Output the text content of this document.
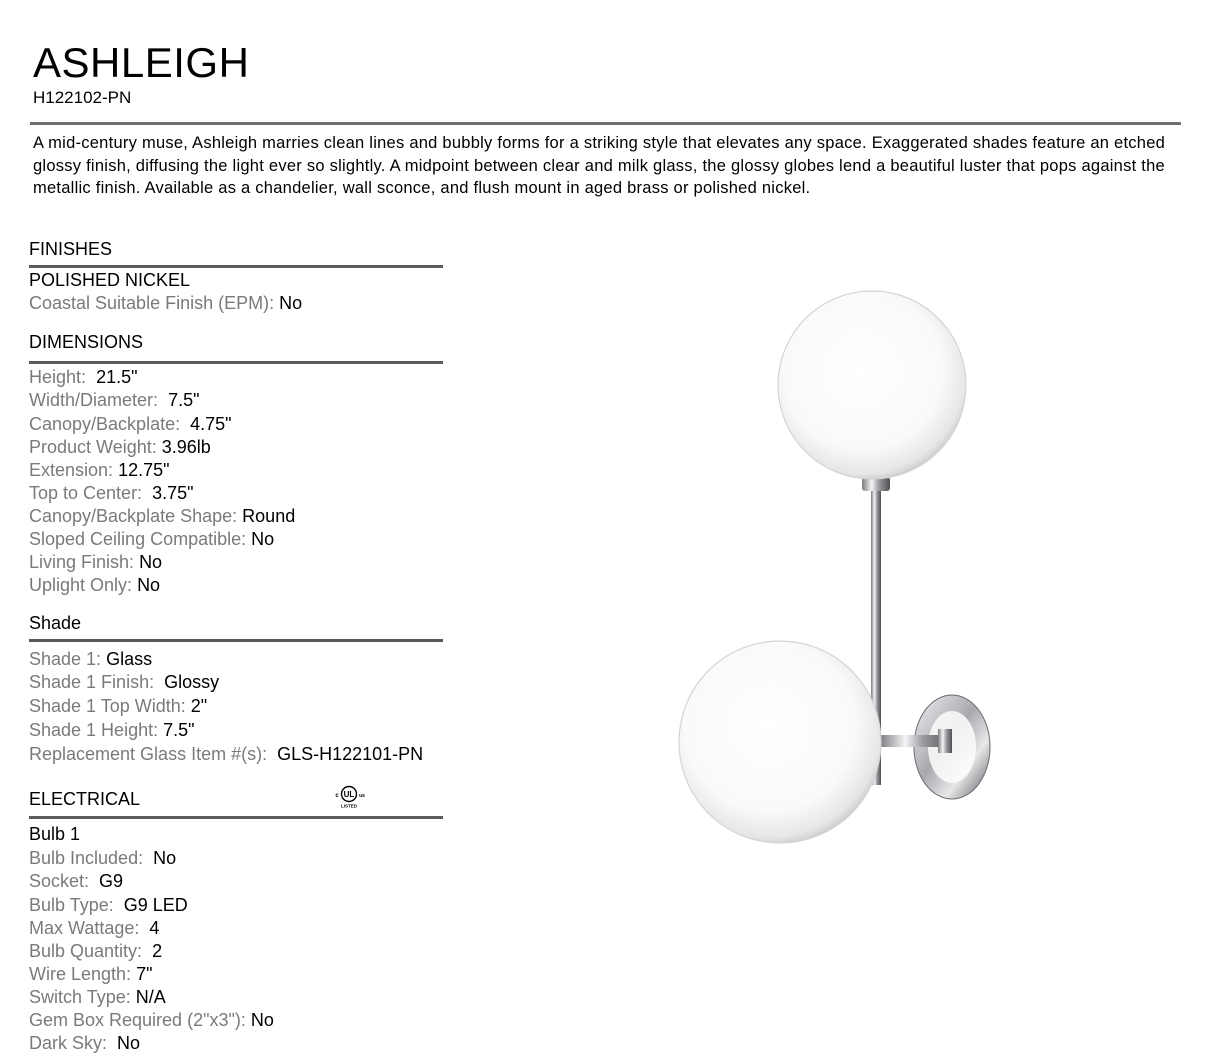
ASHLEIGH
H122102-PN
A mid-century muse, Ashleigh marries clean lines and bubbly forms for a striking style that elevates any space. Exaggerated shades feature an etched glossy finish, diffusing the light ever so slightly. A midpoint between clear and milk glass, the glossy globes lend a beautiful luster that pops against the metallic finish. Available as a chandelier, wall sconce, and flush mount in aged brass or polished nickel.
FINISHES
POLISHED NICKEL
Coastal Suitable Finish (EPM): No
DIMENSIONS
Height: 21.5"
Width/Diameter: 7.5"
Canopy/Backplate: 4.75"
Product Weight: 3.96lb
Extension: 12.75"
Top to Center: 3.75"
Canopy/Backplate Shape: Round
Sloped Ceiling Compatible: No
Living Finish: No
Uplight Only: No
Shade
Shade 1: Glass
Shade 1 Finish: Glossy
Shade 1 Top Width: 2"
Shade 1 Height: 7.5"
Replacement Glass Item #(s): GLS-H122101-PN
ELECTRICAL	UL
c	us
LISTED
Bulb 1
Bulb Included: No
Socket: G9
Bulb Type: G9 LED
Max Wattage: 4
Bulb Quantity: 2
Wire Length: 7"
Switch Type: N/A
Gem Box Required (2"x3"): No
Dark Sky: No
